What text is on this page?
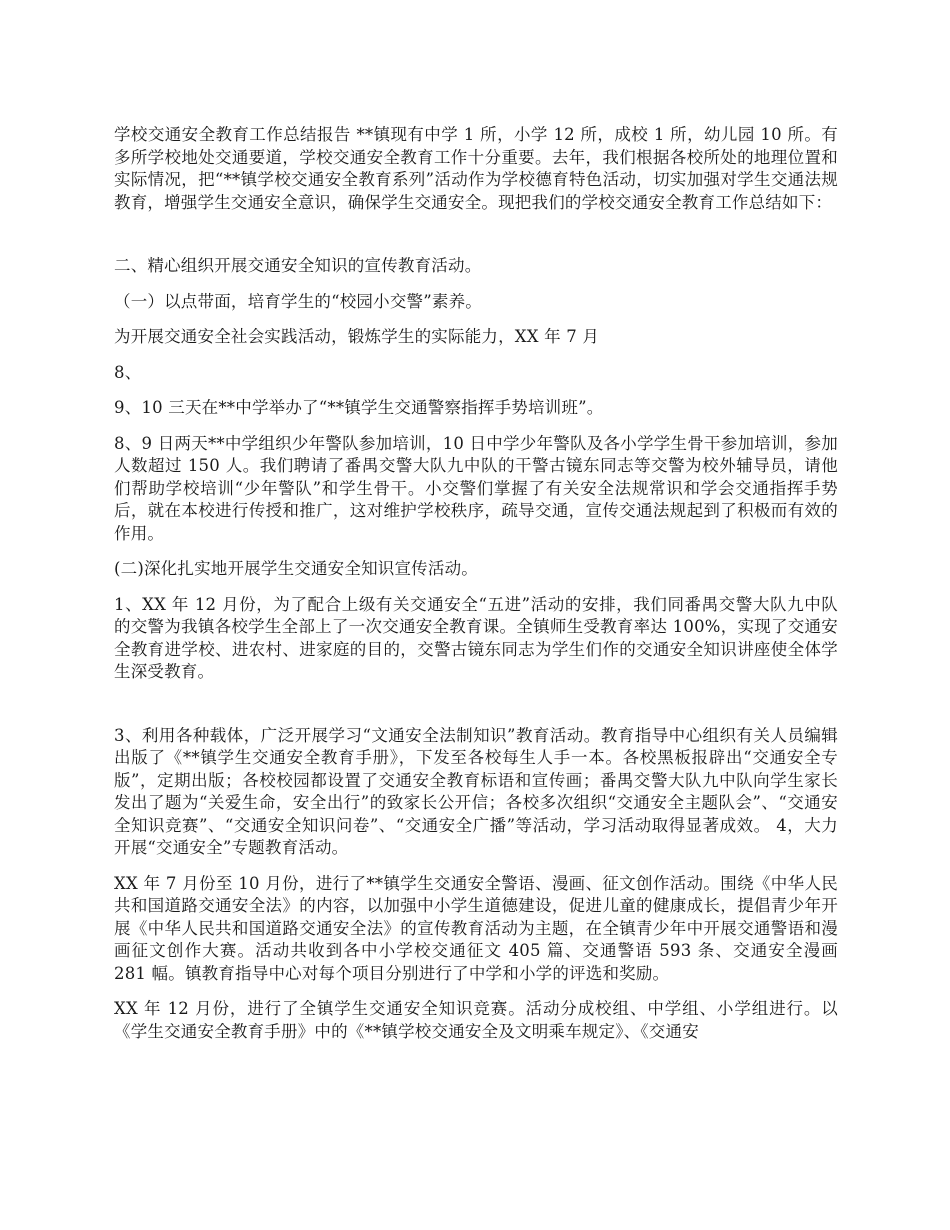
学校交通安全教育工作总结报告 **镇现有中学 1 所，小学 12 所，成校 1 所，幼儿园 10 所。有多所学校地处交通要道，学校交通安全教育工作十分重要。去年，我们根据各校所处的地理位置和实际情况，把“**镇学校交通安全教育系列”活动作为学校德育特色活动，切实加强对学生交通法规教育，增强学生交通安全意识，确保学生交通安全。现把我们的学校交通安全教育工作总结如下：

二、精心组织开展交通安全知识的宣传教育活动。

（一）以点带面，培育学生的“校园小交警”素养。

为开展交通安全社会实践活动，锻炼学生的实际能力，XX 年 7 月

8、

9、10 三天在**中学举办了“**镇学生交通警察指挥手势培训班”。

8、9 日两天**中学组织少年警队参加培训，10 日中学少年警队及各小学学生骨干参加培训，参加人数超过 150 人。我们聘请了番禺交警大队九中队的干警古镜东同志等交警为校外辅导员，请他们帮助学校培训“少年警队”和学生骨干。小交警们掌握了有关安全法规常识和学会交通指挥手势后，就在本校进行传授和推广，这对维护学校秩序，疏导交通，宣传交通法规起到了积极而有效的作用。

(二)深化扎实地开展学生交通安全知识宣传活动。

1、XX 年 12 月份，为了配合上级有关交通安全“五进”活动的安排，我们同番禺交警大队九中队的交警为我镇各校学生全部上了一次交通安全教育课。全镇师生受教育率达 100%，实现了交通安全教育进学校、进农村、进家庭的目的，交警古镜东同志为学生们作的交通安全知识讲座使全体学生深受教育。

3、利用各种载体，广泛开展学习“文通安全法制知识”教育活动。教育指导中心组织有关人员编辑出版了《**镇学生交通安全教育手册》，下发至各校每生人手一本。各校黑板报辟出“交通安全专版”，定期出版；各校校园都设置了交通安全教育标语和宣传画；番禺交警大队九中队向学生家长发出了题为“关爱生命，安全出行”的致家长公开信；各校多次组织“交通安全主题队会”、“交通安全知识竞赛”、“交通安全知识问卷”、“交通安全广播”等活动，学习活动取得显著成效。 4，大力开展“交通安全”专题教育活动。

XX 年 7 月份至 10 月份，进行了**镇学生交通安全警语、漫画、征文创作活动。围绕《中华人民共和国道路交通安全法》的内容，以加强中小学生道德建设，促进儿童的健康成长，提倡青少年开展《中华人民共和国道路交通安全法》的宣传教育活动为主题，在全镇青少年中开展交通警语和漫画征文创作大赛。活动共收到各中小学校交通征文 405 篇、交通警语 593 条、交通安全漫画 281 幅。镇教育指导中心对每个项目分别进行了中学和小学的评选和奖励。

XX 年 12 月份，进行了全镇学生交通安全知识竞赛。活动分成校组、中学组、小学组进行。以《学生交通安全教育手册》中的《**镇学校交通安全及文明乘车规定》、《交通安
